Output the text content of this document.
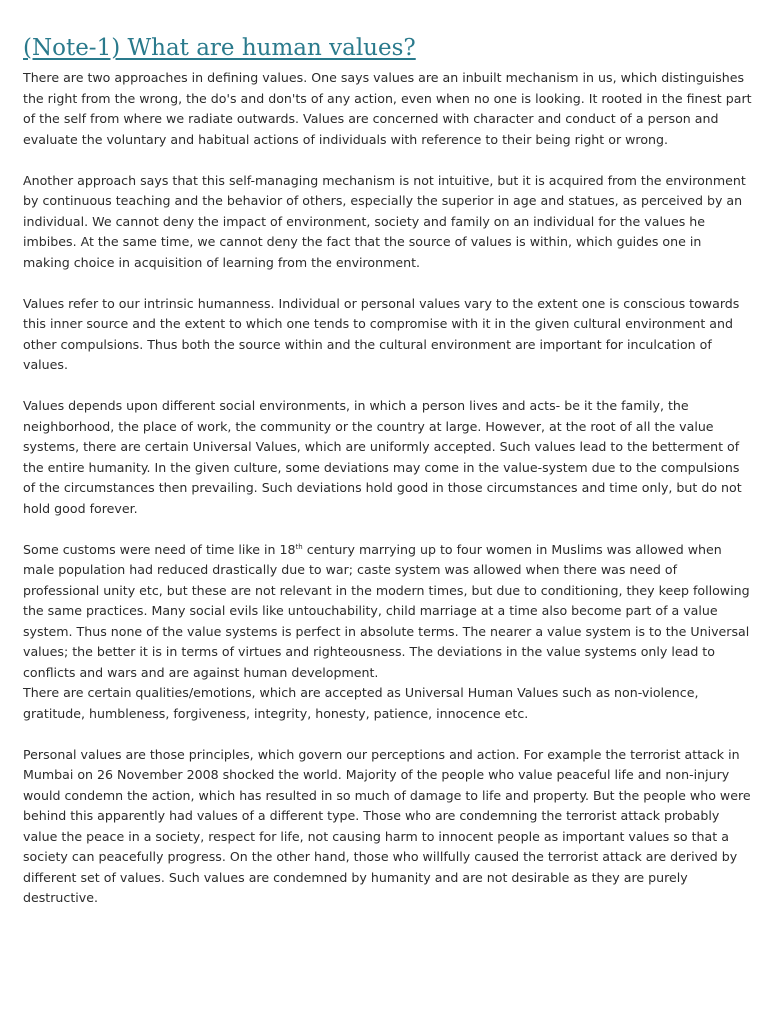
(Note-1) What are human values?

There are two approaches in defining values. One says values are an inbuilt mechanism in us, which distinguishes the right from the wrong, the do's and don'ts of any action, even when no one is looking. It rooted in the finest part of the self from where we radiate outwards. Values are concerned with character and conduct of a person and evaluate the voluntary and habitual actions of individuals with reference to their being right or wrong.

Another approach says that this self-managing mechanism is not intuitive, but it is acquired from the environment by continuous teaching and the behavior of others, especially the superior in age and statues, as perceived by an individual. We cannot deny the impact of environment, society and family on an individual for the values he imbibes. At the same time, we cannot deny the fact that the source of values is within, which guides one in making choice in acquisition of learning from the environment.

Values refer to our intrinsic humanness. Individual or personal values vary to the extent one is conscious towards this inner source and the extent to which one tends to compromise with it in the given cultural environment and other compulsions. Thus both the source within and the cultural environment are important for inculcation of values.

Values depends upon different social environments, in which a person lives and acts- be it the family, the neighborhood, the place of work, the community or the country at large. However, at the root of all the value systems, there are certain Universal Values, which are uniformly accepted. Such values lead to the betterment of the entire humanity. In the given culture, some deviations may come in the value-system due to the compulsions of the circumstances then prevailing. Such deviations hold good in those circumstances and time only, but do not hold good forever.

Some customs were need of time like in 18th century marrying up to four women in Muslims was allowed when male population had reduced drastically due to war; caste system was allowed when there was need of professional unity etc, but these are not relevant in the modern times, but due to conditioning, they keep following the same practices. Many social evils like untouchability, child marriage at a time also become part of a value system. Thus none of the value systems is perfect in absolute terms. The nearer a value system is to the Universal values; the better it is in terms of virtues and righteousness. The deviations in the value systems only lead to conflicts and wars and are against human development.

There are certain qualities/emotions, which are accepted as Universal Human Values such as non-violence, gratitude, humbleness, forgiveness, integrity, honesty, patience, innocence etc.

Personal values are those principles, which govern our perceptions and action. For example the terrorist attack in Mumbai on 26 November 2008 shocked the world. Majority of the people who value peaceful life and non-injury would condemn the action, which has resulted in so much of damage to life and property. But the people who were behind this apparently had values of a different type. Those who are condemning the terrorist attack probably value the peace in a society, respect for life, not causing harm to innocent people as important values so that a society can peacefully progress. On the other hand, those who willfully caused the terrorist attack are derived by different set of values. Such values are condemned by humanity and are not desirable as they are purely destructive.
